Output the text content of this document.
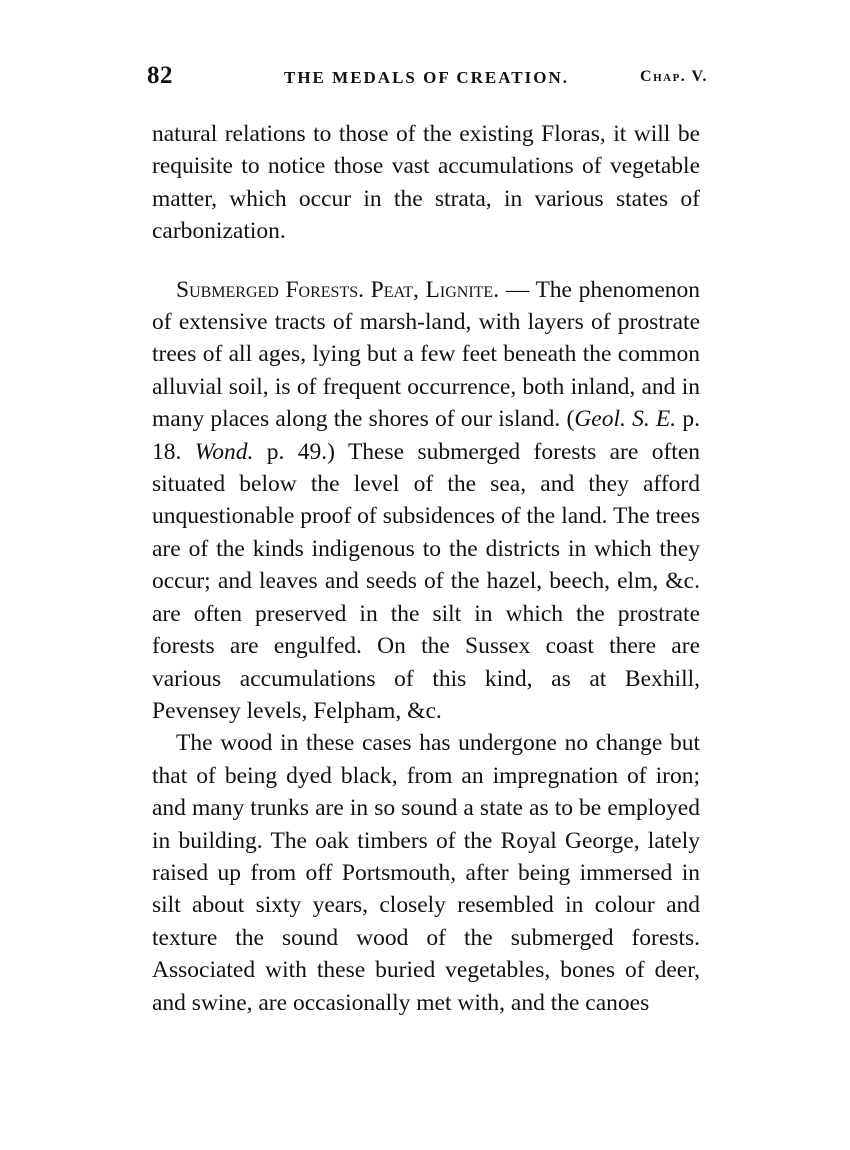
82	THE MEDALS OF CREATION.	Chap. V.

natural relations to those of the existing Floras, it will be requisite to notice those vast accumulations of vegetable matter, which occur in the strata, in various states of carbonization.

Submerged Forests. Peat, Lignite. — The phenomenon of extensive tracts of marsh-land, with layers of prostrate trees of all ages, lying but a few feet beneath the common alluvial soil, is of frequent occurrence, both inland, and in many places along the shores of our island. (Geol. S. E. p. 18. Wond. p. 49.) These submerged forests are often situated below the level of the sea, and they afford unquestionable proof of subsidences of the land. The trees are of the kinds indigenous to the districts in which they occur; and leaves and seeds of the hazel, beech, elm, &c. are often preserved in the silt in which the prostrate forests are engulfed. On the Sussex coast there are various accumulations of this kind, as at Bexhill, Pevensey levels, Felpham, &c.

The wood in these cases has undergone no change but that of being dyed black, from an impregnation of iron; and many trunks are in so sound a state as to be employed in building. The oak timbers of the Royal George, lately raised up from off Portsmouth, after being immersed in silt about sixty years, closely resembled in colour and texture the sound wood of the submerged forests. Associated with these buried vegetables, bones of deer, and swine, are occasionally met with, and the canoes
